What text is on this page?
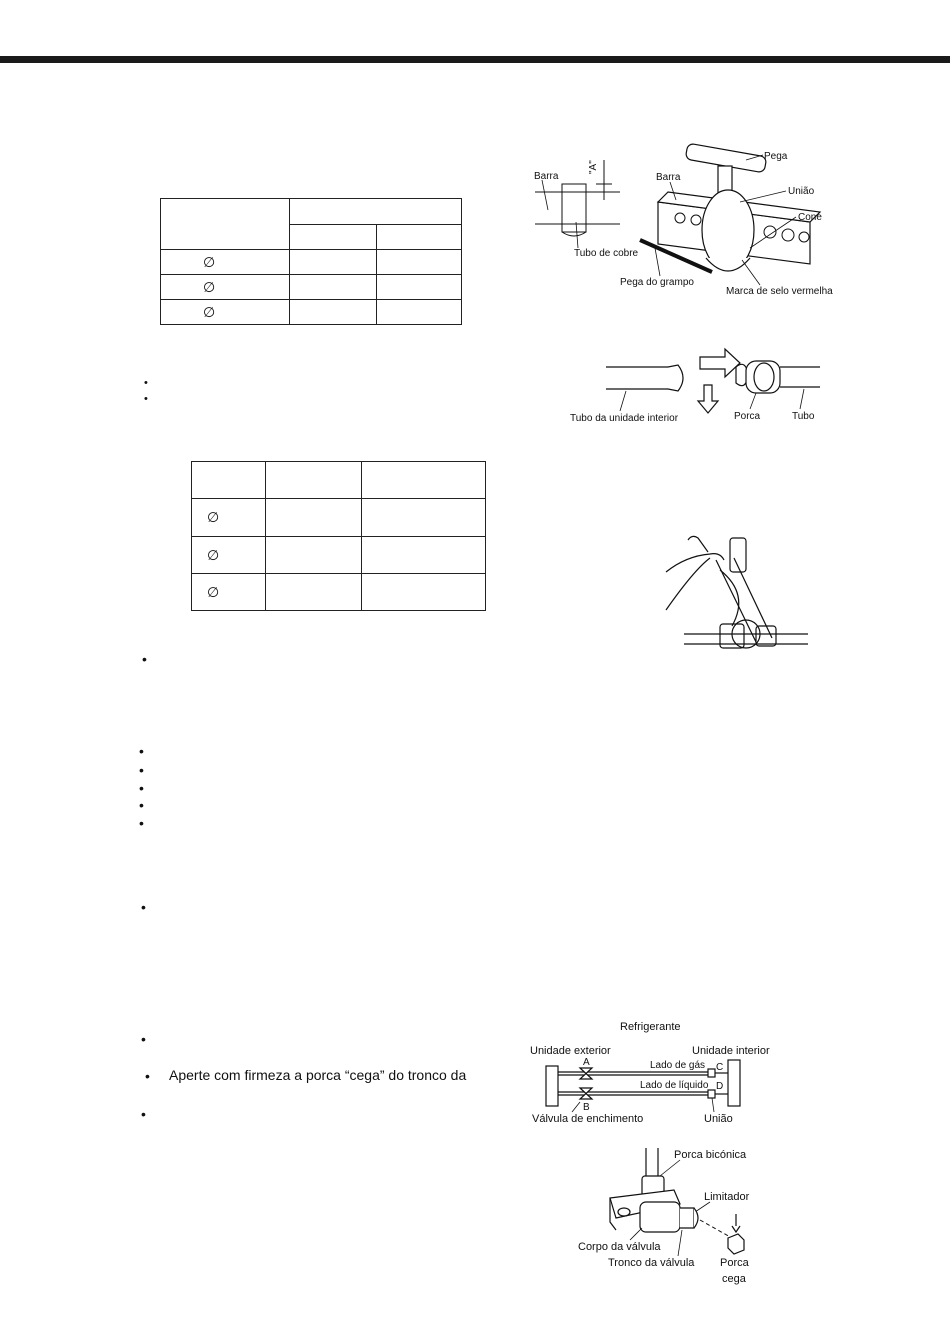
∅		
∅		
∅		

∅		
∅		
∅		
•
•
•
•
•
•
•
•
•
•
• Aperte com firmeza a porca “cega” do tronco da
•
Barra
"A"
Tubo de cobre
Pega
Barra
União
Cone
Pega do grampo
Marca de selo vermelha
Tubo da unidade interior	Porca	Tubo
Refrigerante
Unidade exterior	Unidade interior
A
B
C
D
Lado de gás
Lado de líquido
Válvula de enchimento	União
Porca bicónica
Limitador
Corpo da válvula
Tronco da válvula Porca
cega
